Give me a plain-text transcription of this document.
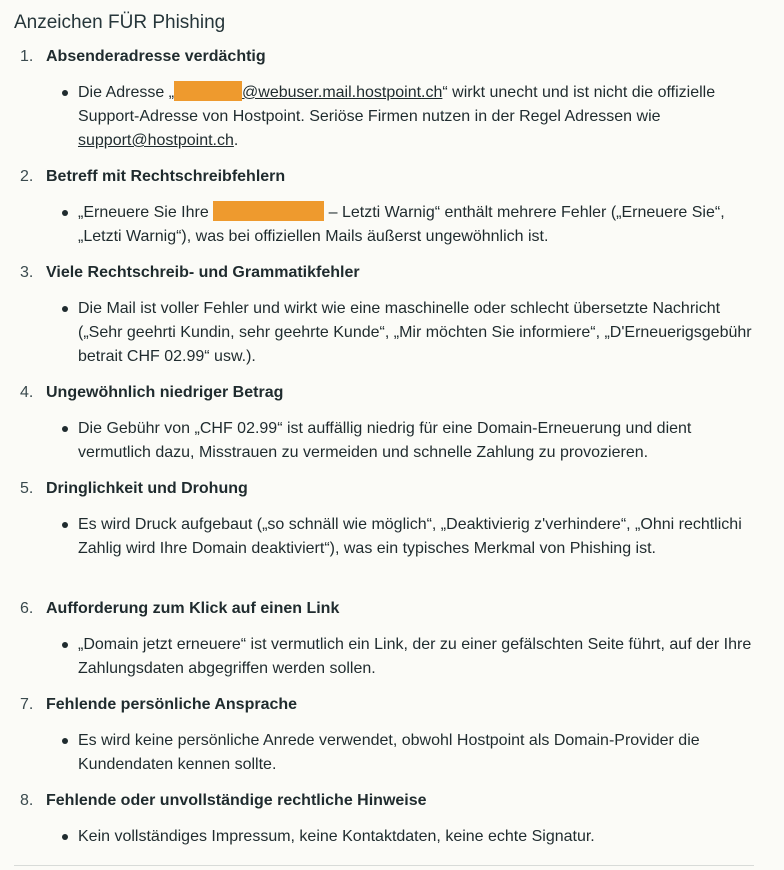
Anzeichen FÜR Phishing
1. Absenderadresse verdächtig
Die Adresse „	@webuser.mail.hostpoint.ch“ wirkt unecht und ist nicht die offizielle Support-Adresse von Hostpoint. Seriöse Firmen nutzen in der Regel Adressen wie support@hostpoint.ch.
2. Betreff mit Rechtschreibfehlern
„Erneuere Sie Ihre	– Letzti Warnig“ enthält mehrere Fehler („Erneuere Sie“, „Letzti Warnig“), was bei offiziellen Mails äußerst ungewöhnlich ist.
3. Viele Rechtschreib- und Grammatikfehler
Die Mail ist voller Fehler und wirkt wie eine maschinelle oder schlecht übersetzte Nachricht („Sehr geehrti Kundin, sehr geehrte Kunde“, „Mir möchten Sie informiere“, „D'Erneuerigsgebühr betrait CHF 02.99“ usw.).
4. Ungewöhnlich niedriger Betrag
Die Gebühr von „CHF 02.99“ ist auffällig niedrig für eine Domain-Erneuerung und dient vermutlich dazu, Misstrauen zu vermeiden und schnelle Zahlung zu provozieren.
5. Dringlichkeit und Drohung
Es wird Druck aufgebaut („so schnäll wie möglich“, „Deaktivierig z'verhindere“, „Ohni rechtlichi Zahlig wird Ihre Domain deaktiviert“), was ein typisches Merkmal von Phishing ist.
6. Aufforderung zum Klick auf einen Link
„Domain jetzt erneuere“ ist vermutlich ein Link, der zu einer gefälschten Seite führt, auf der Ihre Zahlungsdaten abgegriffen werden sollen.
7. Fehlende persönliche Ansprache
Es wird keine persönliche Anrede verwendet, obwohl Hostpoint als Domain-Provider die Kundendaten kennen sollte.
8. Fehlende oder unvollständige rechtliche Hinweise
Kein vollständiges Impressum, keine Kontaktdaten, keine echte Signatur.
